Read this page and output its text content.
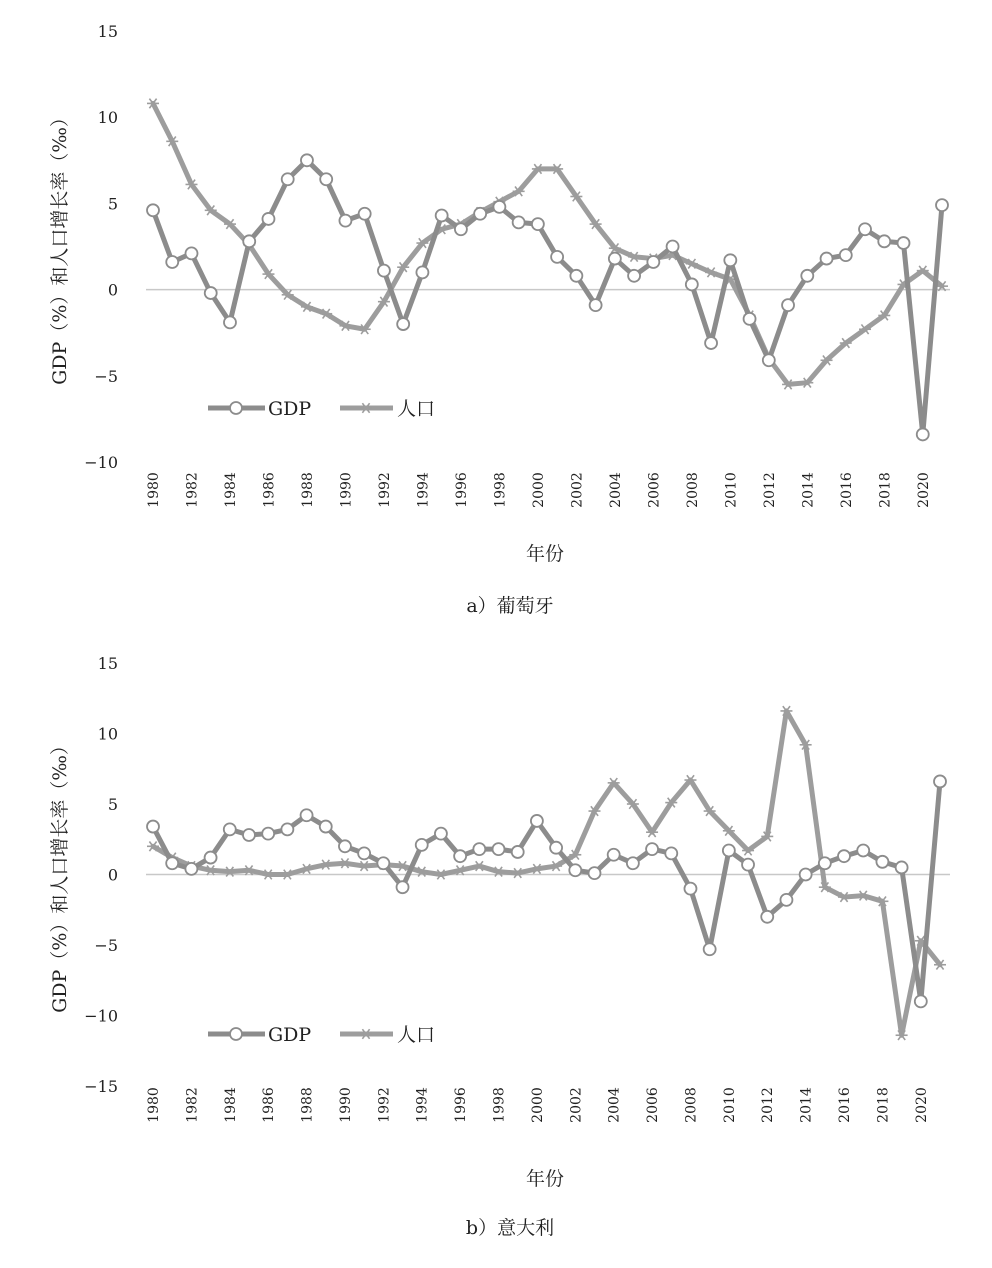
15
10
5
0
−5
−10
1980 1982 1984 1986 1988 1990 1992 1994 1996 1998 2000 2002 2004 2006 2008 2010 2012 2014 2016 2018 2020
年份
GDP（%）和人口增长率（‰）
a）葡萄牙
GDP	人口
15
10
5
0
−5
−10
−15
1980 1982 1984 1986 1988 1990 1992 1994 1996 1998 2000 2002 2004 2006 2008 2010 2012 2014 2016 2018 2020
年份
GDP（%）和人口增长率（‰）
b）意大利
GDP	人口
